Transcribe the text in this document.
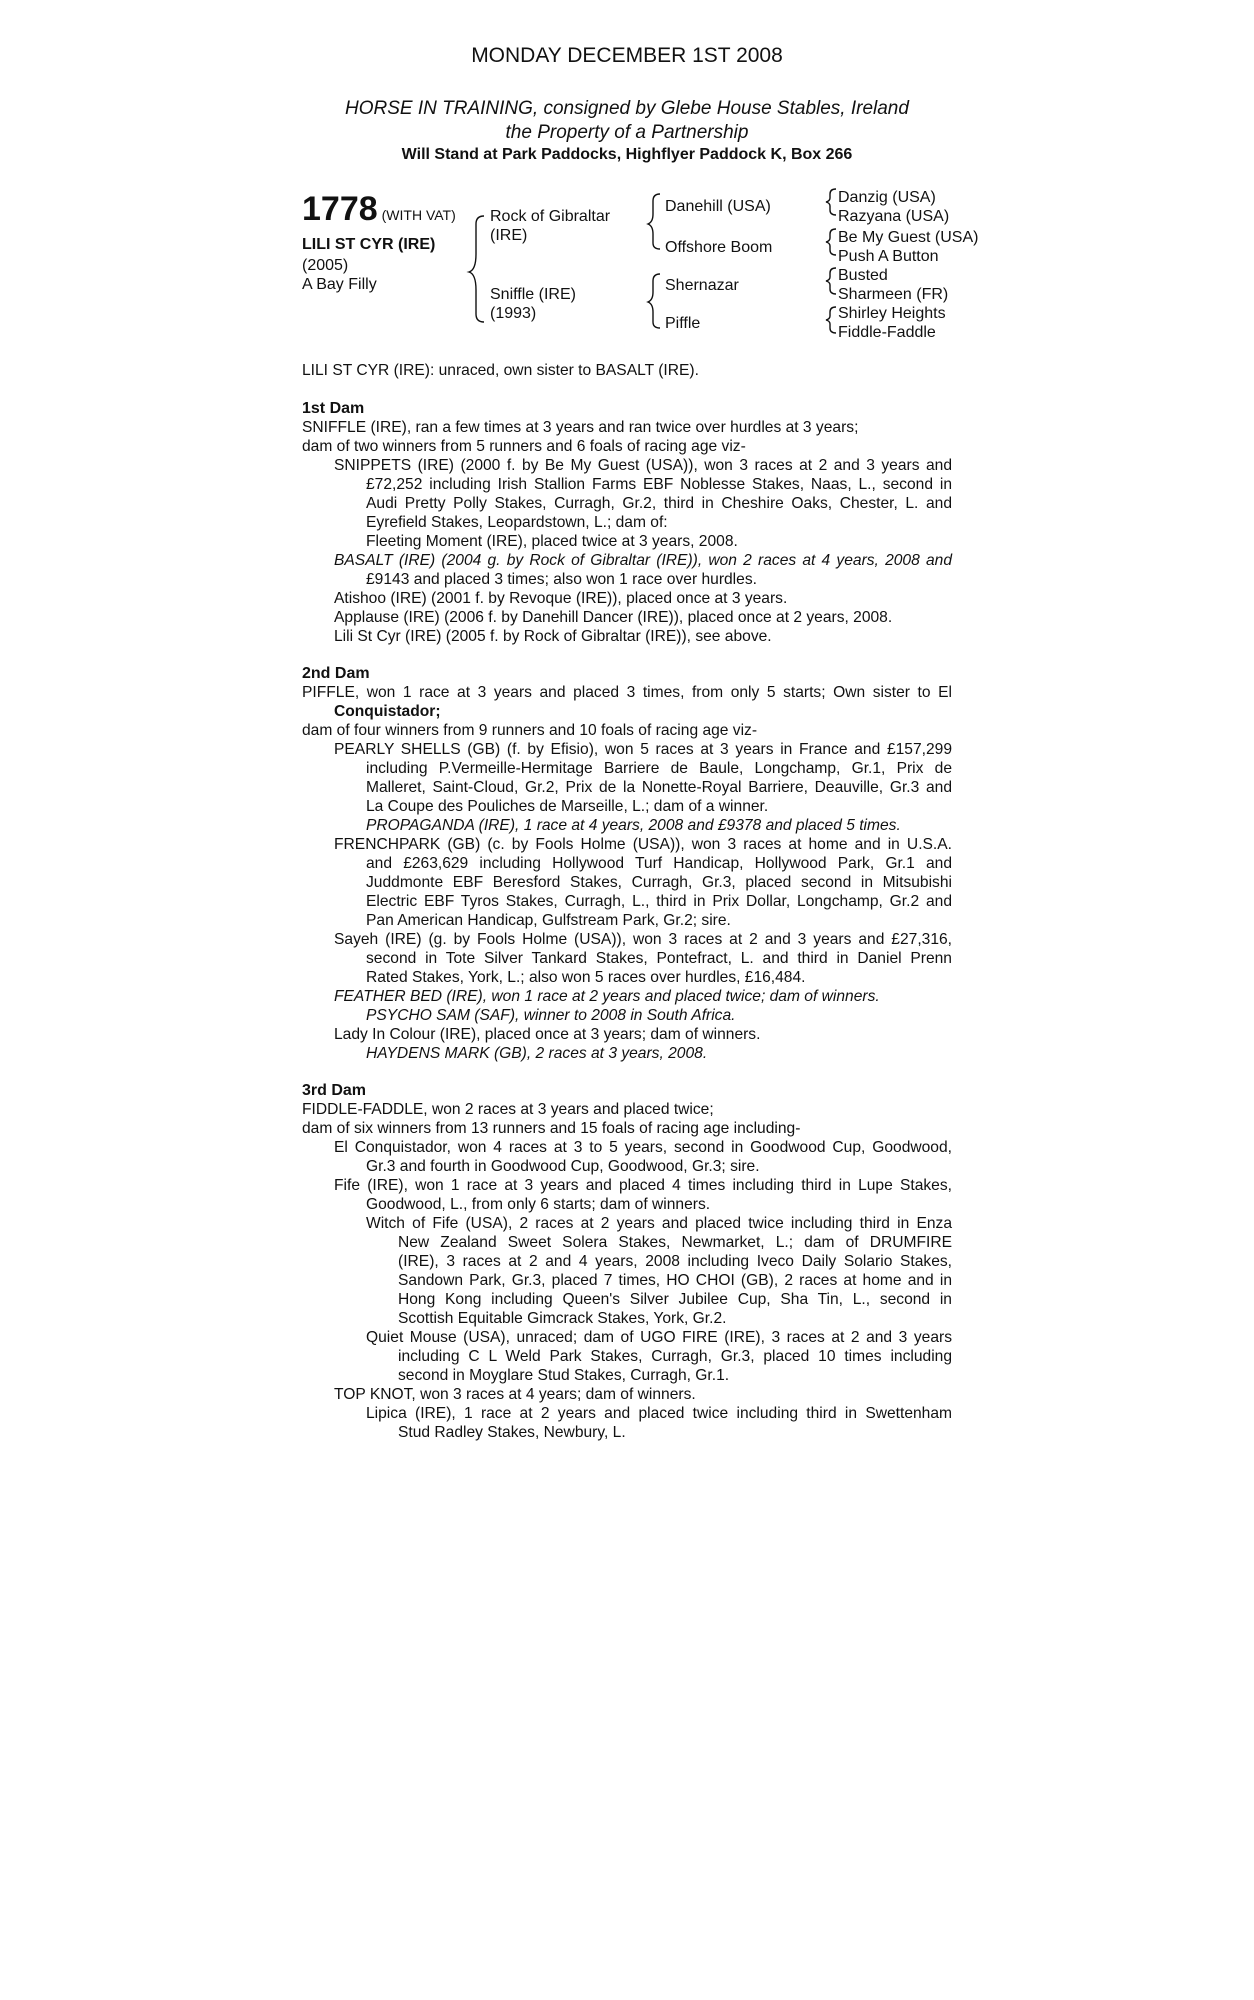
MONDAY DECEMBER 1ST 2008
HORSE IN TRAINING, consigned by Glebe House Stables, Ireland
the Property of a Partnership
Will Stand at Park Paddocks, Highflyer Paddock K, Box 266
1778 (WITH VAT)
LILI ST CYR (IRE)
(2005)
A Bay Filly
Rock of Gibraltar
(IRE)
Sniffle (IRE)
(1993)
Danehill (USA)
Offshore Boom
Shernazar
Piffle
Danzig (USA)
Razyana (USA)
Be My Guest (USA)
Push A Button
Busted
Sharmeen (FR)
Shirley Heights
Fiddle-Faddle
LILI ST CYR (IRE): unraced, own sister to BASALT (IRE).
1st Dam
SNIFFLE (IRE), ran a few times at 3 years and ran twice over hurdles at 3 years;
dam of two winners from 5 runners and 6 foals of racing age viz-
SNIPPETS (IRE) (2000 f. by Be My Guest (USA)), won 3 races at 2 and 3 years and
£72,252 including Irish Stallion Farms EBF Noblesse Stakes, Naas, L., second in
Audi Pretty Polly Stakes, Curragh, Gr.2, third in Cheshire Oaks, Chester, L. and
Eyrefield Stakes, Leopardstown, L.; dam of:
Fleeting Moment (IRE), placed twice at 3 years, 2008.
BASALT (IRE) (2004 g. by Rock of Gibraltar (IRE)), won 2 races at 4 years, 2008 and
£9143 and placed 3 times; also won 1 race over hurdles.
Atishoo (IRE) (2001 f. by Revoque (IRE)), placed once at 3 years.
Applause (IRE) (2006 f. by Danehill Dancer (IRE)), placed once at 2 years, 2008.
Lili St Cyr (IRE) (2005 f. by Rock of Gibraltar (IRE)), see above.
2nd Dam
PIFFLE, won 1 race at 3 years and placed 3 times, from only 5 starts; Own sister to El
Conquistador;
dam of four winners from 9 runners and 10 foals of racing age viz-
PEARLY SHELLS (GB) (f. by Efisio), won 5 races at 3 years in France and £157,299
including P.Vermeille-Hermitage Barriere de Baule, Longchamp, Gr.1, Prix de
Malleret, Saint-Cloud, Gr.2, Prix de la Nonette-Royal Barriere, Deauville, Gr.3 and
La Coupe des Pouliches de Marseille, L.; dam of a winner.
PROPAGANDA (IRE), 1 race at 4 years, 2008 and £9378 and placed 5 times.
FRENCHPARK (GB) (c. by Fools Holme (USA)), won 3 races at home and in U.S.A.
and £263,629 including Hollywood Turf Handicap, Hollywood Park, Gr.1 and
Juddmonte EBF Beresford Stakes, Curragh, Gr.3, placed second in Mitsubishi
Electric EBF Tyros Stakes, Curragh, L., third in Prix Dollar, Longchamp, Gr.2 and
Pan American Handicap, Gulfstream Park, Gr.2; sire.
Sayeh (IRE) (g. by Fools Holme (USA)), won 3 races at 2 and 3 years and £27,316,
second in Tote Silver Tankard Stakes, Pontefract, L. and third in Daniel Prenn
Rated Stakes, York, L.; also won 5 races over hurdles, £16,484.
FEATHER BED (IRE), won 1 race at 2 years and placed twice; dam of winners.
PSYCHO SAM (SAF), winner to 2008 in South Africa.
Lady In Colour (IRE), placed once at 3 years; dam of winners.
HAYDENS MARK (GB), 2 races at 3 years, 2008.
3rd Dam
FIDDLE-FADDLE, won 2 races at 3 years and placed twice;
dam of six winners from 13 runners and 15 foals of racing age including-
El Conquistador, won 4 races at 3 to 5 years, second in Goodwood Cup, Goodwood,
Gr.3 and fourth in Goodwood Cup, Goodwood, Gr.3; sire.
Fife (IRE), won 1 race at 3 years and placed 4 times including third in Lupe Stakes,
Goodwood, L., from only 6 starts; dam of winners.
Witch of Fife (USA), 2 races at 2 years and placed twice including third in Enza
New Zealand Sweet Solera Stakes, Newmarket, L.; dam of DRUMFIRE
(IRE), 3 races at 2 and 4 years, 2008 including Iveco Daily Solario Stakes,
Sandown Park, Gr.3, placed 7 times, HO CHOI (GB), 2 races at home and in
Hong Kong including Queen's Silver Jubilee Cup, Sha Tin, L., second in
Scottish Equitable Gimcrack Stakes, York, Gr.2.
Quiet Mouse (USA), unraced; dam of UGO FIRE (IRE), 3 races at 2 and 3 years
including C L Weld Park Stakes, Curragh, Gr.3, placed 10 times including
second in Moyglare Stud Stakes, Curragh, Gr.1.
TOP KNOT, won 3 races at 4 years; dam of winners.
Lipica (IRE), 1 race at 2 years and placed twice including third in Swettenham
Stud Radley Stakes, Newbury, L.
